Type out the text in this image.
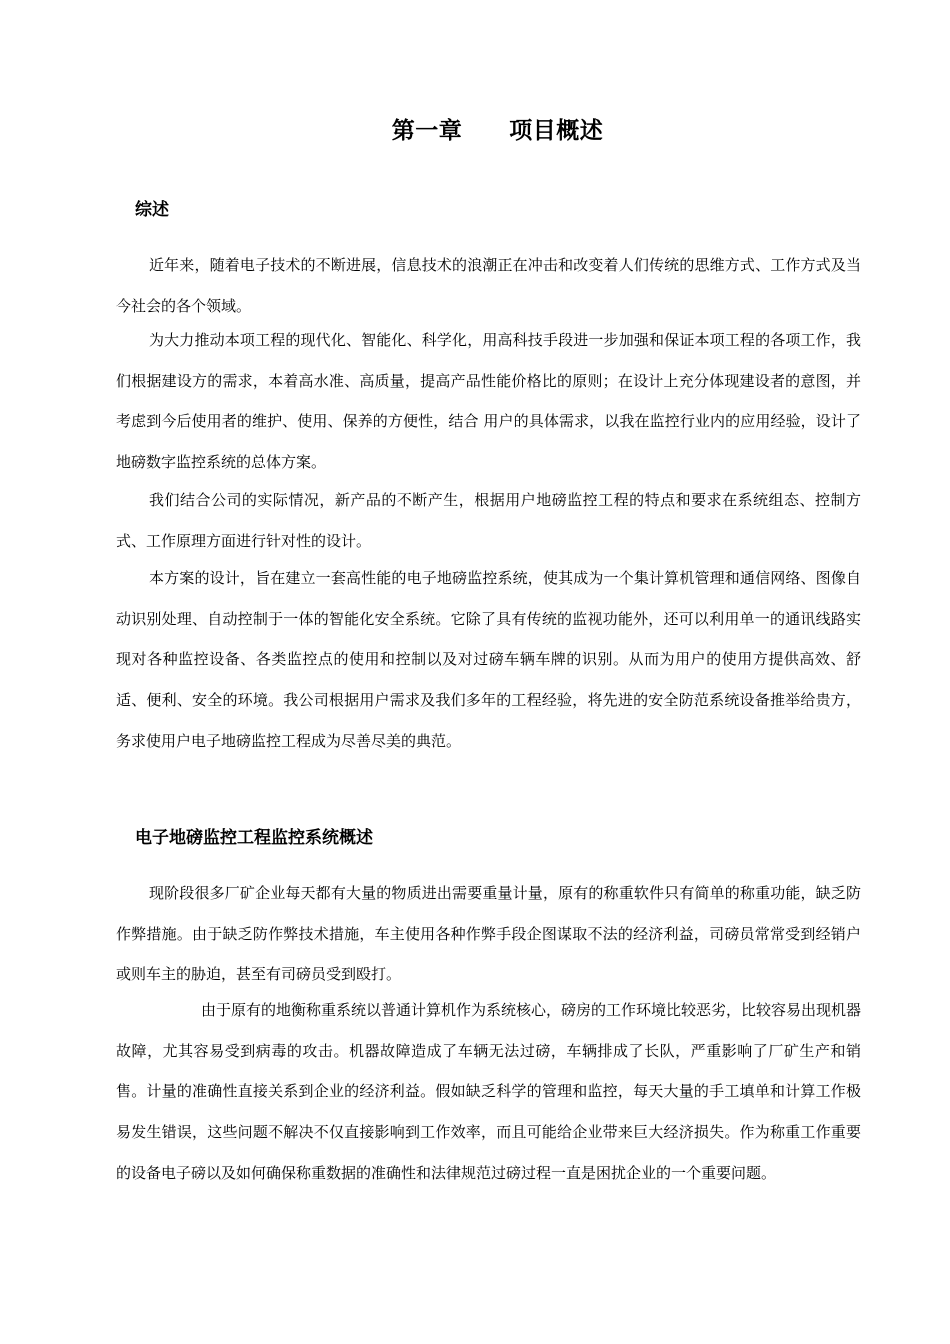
第一章　　项目概述
综述
近年来，随着电子技术的不断进展，信息技术的浪潮正在冲击和改变着人们传统的思维方式、工作方式及当今社会的各个领域。
为大力推动本项工程的现代化、智能化、科学化，用高科技手段进一步加强和保证本项工程的各项工作，我们根据建设方的需求，本着高水准、高质量，提高产品性能价格比的原则；在设计上充分体现建设者的意图，并考虑到今后使用者的维护、使用、保养的方便性，结合 用户的具体需求，以我在监控行业内的应用经验，设计了地磅数字监控系统的总体方案。
我们结合公司的实际情况，新产品的不断产生，根据用户地磅监控工程的特点和要求在系统组态、控制方式、工作原理方面进行针对性的设计。
本方案的设计，旨在建立一套高性能的电子地磅监控系统，使其成为一个集计算机管理和通信网络、图像自动识别处理、自动控制于一体的智能化安全系统。它除了具有传统的监视功能外，还可以利用单一的通讯线路实现对各种监控设备、各类监控点的使用和控制以及对过磅车辆车牌的识别。从而为用户的使用方提供高效、舒适、便利、安全的环境。我公司根据用户需求及我们多年的工程经验，将先进的安全防范系统设备推举给贵方，务求使用户电子地磅监控工程成为尽善尽美的典范。
电子地磅监控工程监控系统概述
现阶段很多厂矿企业每天都有大量的物质进出需要重量计量，原有的称重软件只有简单的称重功能，缺乏防作弊措施。由于缺乏防作弊技术措施，车主使用各种作弊手段企图谋取不法的经济利益，司磅员常常受到经销户或则车主的胁迫，甚至有司磅员受到殴打。
由于原有的地衡称重系统以普通计算机作为系统核心，磅房的工作环境比较恶劣，比较容易出现机器故障，尤其容易受到病毒的攻击。机器故障造成了车辆无法过磅，车辆排成了长队，严重影响了厂矿生产和销售。计量的准确性直接关系到企业的经济利益。假如缺乏科学的管理和监控，每天大量的手工填单和计算工作极易发生错误，这些问题不解决不仅直接影响到工作效率，而且可能给企业带来巨大经济损失。作为称重工作重要的设备电子磅以及如何确保称重数据的准确性和法律规范过磅过程一直是困扰企业的一个重要问题。
